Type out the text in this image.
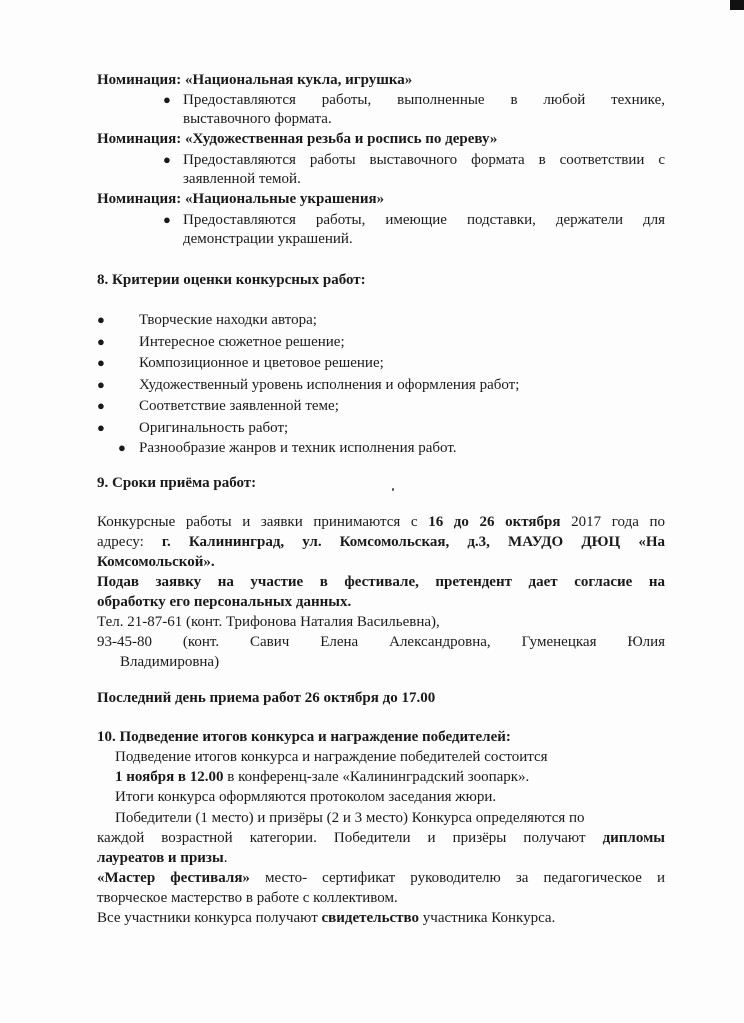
Номинация: «Национальная кукла, игрушка»
● Предоставляются работы, выполненные в любой технике,
выставочного формата.
Номинация: «Художественная резьба и роспись по дереву»
● Предоставляются работы выставочного формата в соответствии с
заявленной темой.
Номинация: «Национальные украшения»
● Предоставляются работы, имеющие подставки, держатели для
демонстрации украшений.
8. Критерии оценки конкурсных работ:
● Творческие находки автора;
● Интересное сюжетное решение;
● Композиционное и цветовое решение;
● Художественный уровень исполнения и оформления работ;
● Соответствие заявленной теме;
● Оригинальность работ;
● Разнообразие жанров и техник исполнения работ.
9. Сроки приёма работ:
Конкурсные работы и заявки принимаются с 16 до 26 октября 2017 года по
адресу: г. Калининград, ул. Комсомольская, д.3, МАУДО ДЮЦ «На
Комсомольской».
Подав заявку на участие в фестивале, претендент дает согласие на
обработку его персональных данных.
Тел. 21-87-61 (конт. Трифонова Наталия Васильевна),
93-45-80 (конт. Савич Елена Александровна, Гуменецкая Юлия
Владимировна)
Последний день приема работ 26 октября до 17.00
10. Подведение итогов конкурса и награждение победителей:
Подведение итогов конкурса и награждение победителей состоится
1 ноября в 12.00 в конференц-зале «Калининградский зоопарк».
Итоги конкурса оформляются протоколом заседания жюри.
Победители (1 место) и призёры (2 и 3 место) Конкурса определяются по
каждой возрастной категории. Победители и призёры получают дипломы
лауреатов и призы.
«Мастер фестиваля» место- сертификат руководителю за педагогическое и
творческое мастерство в работе с коллективом.
Все участники конкурса получают свидетельство участника Конкурса.
